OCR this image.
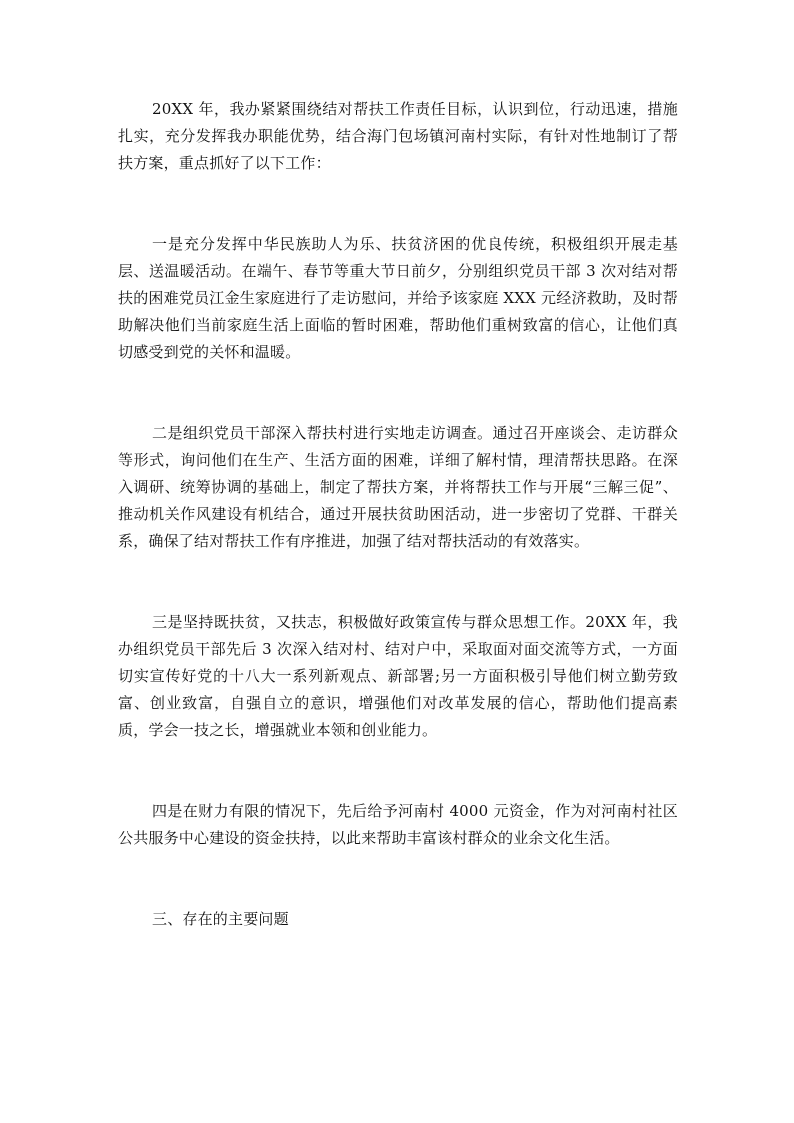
20XX 年，我办紧紧围绕结对帮扶工作责任目标，认识到位，行动迅速，措施扎实，充分发挥我办职能优势，结合海门包场镇河南村实际，有针对性地制订了帮扶方案，重点抓好了以下工作：

一是充分发挥中华民族助人为乐、扶贫济困的优良传统，积极组织开展走基层、送温暖活动。在端午、春节等重大节日前夕，分别组织党员干部 3 次对结对帮扶的困难党员江金生家庭进行了走访慰问，并给予该家庭 XXX 元经济救助，及时帮助解决他们当前家庭生活上面临的暂时困难，帮助他们重树致富的信心，让他们真切感受到党的关怀和温暖。

二是组织党员干部深入帮扶村进行实地走访调查。通过召开座谈会、走访群众等形式，询问他们在生产、生活方面的困难，详细了解村情，理清帮扶思路。在深入调研、统筹协调的基础上，制定了帮扶方案，并将帮扶工作与开展“三解三促”、推动机关作风建设有机结合，通过开展扶贫助困活动，进一步密切了党群、干群关系，确保了结对帮扶工作有序推进，加强了结对帮扶活动的有效落实。

三是坚持既扶贫，又扶志，积极做好政策宣传与群众思想工作。20XX 年，我办组织党员干部先后 3 次深入结对村、结对户中，采取面对面交流等方式，一方面切实宣传好党的十八大一系列新观点、新部署;另一方面积极引导他们树立勤劳致富、创业致富，自强自立的意识，增强他们对改革发展的信心，帮助他们提高素质，学会一技之长，增强就业本领和创业能力。

四是在财力有限的情况下，先后给予河南村 4000 元资金，作为对河南村社区公共服务中心建设的资金扶持，以此来帮助丰富该村群众的业余文化生活。

三、存在的主要问题
